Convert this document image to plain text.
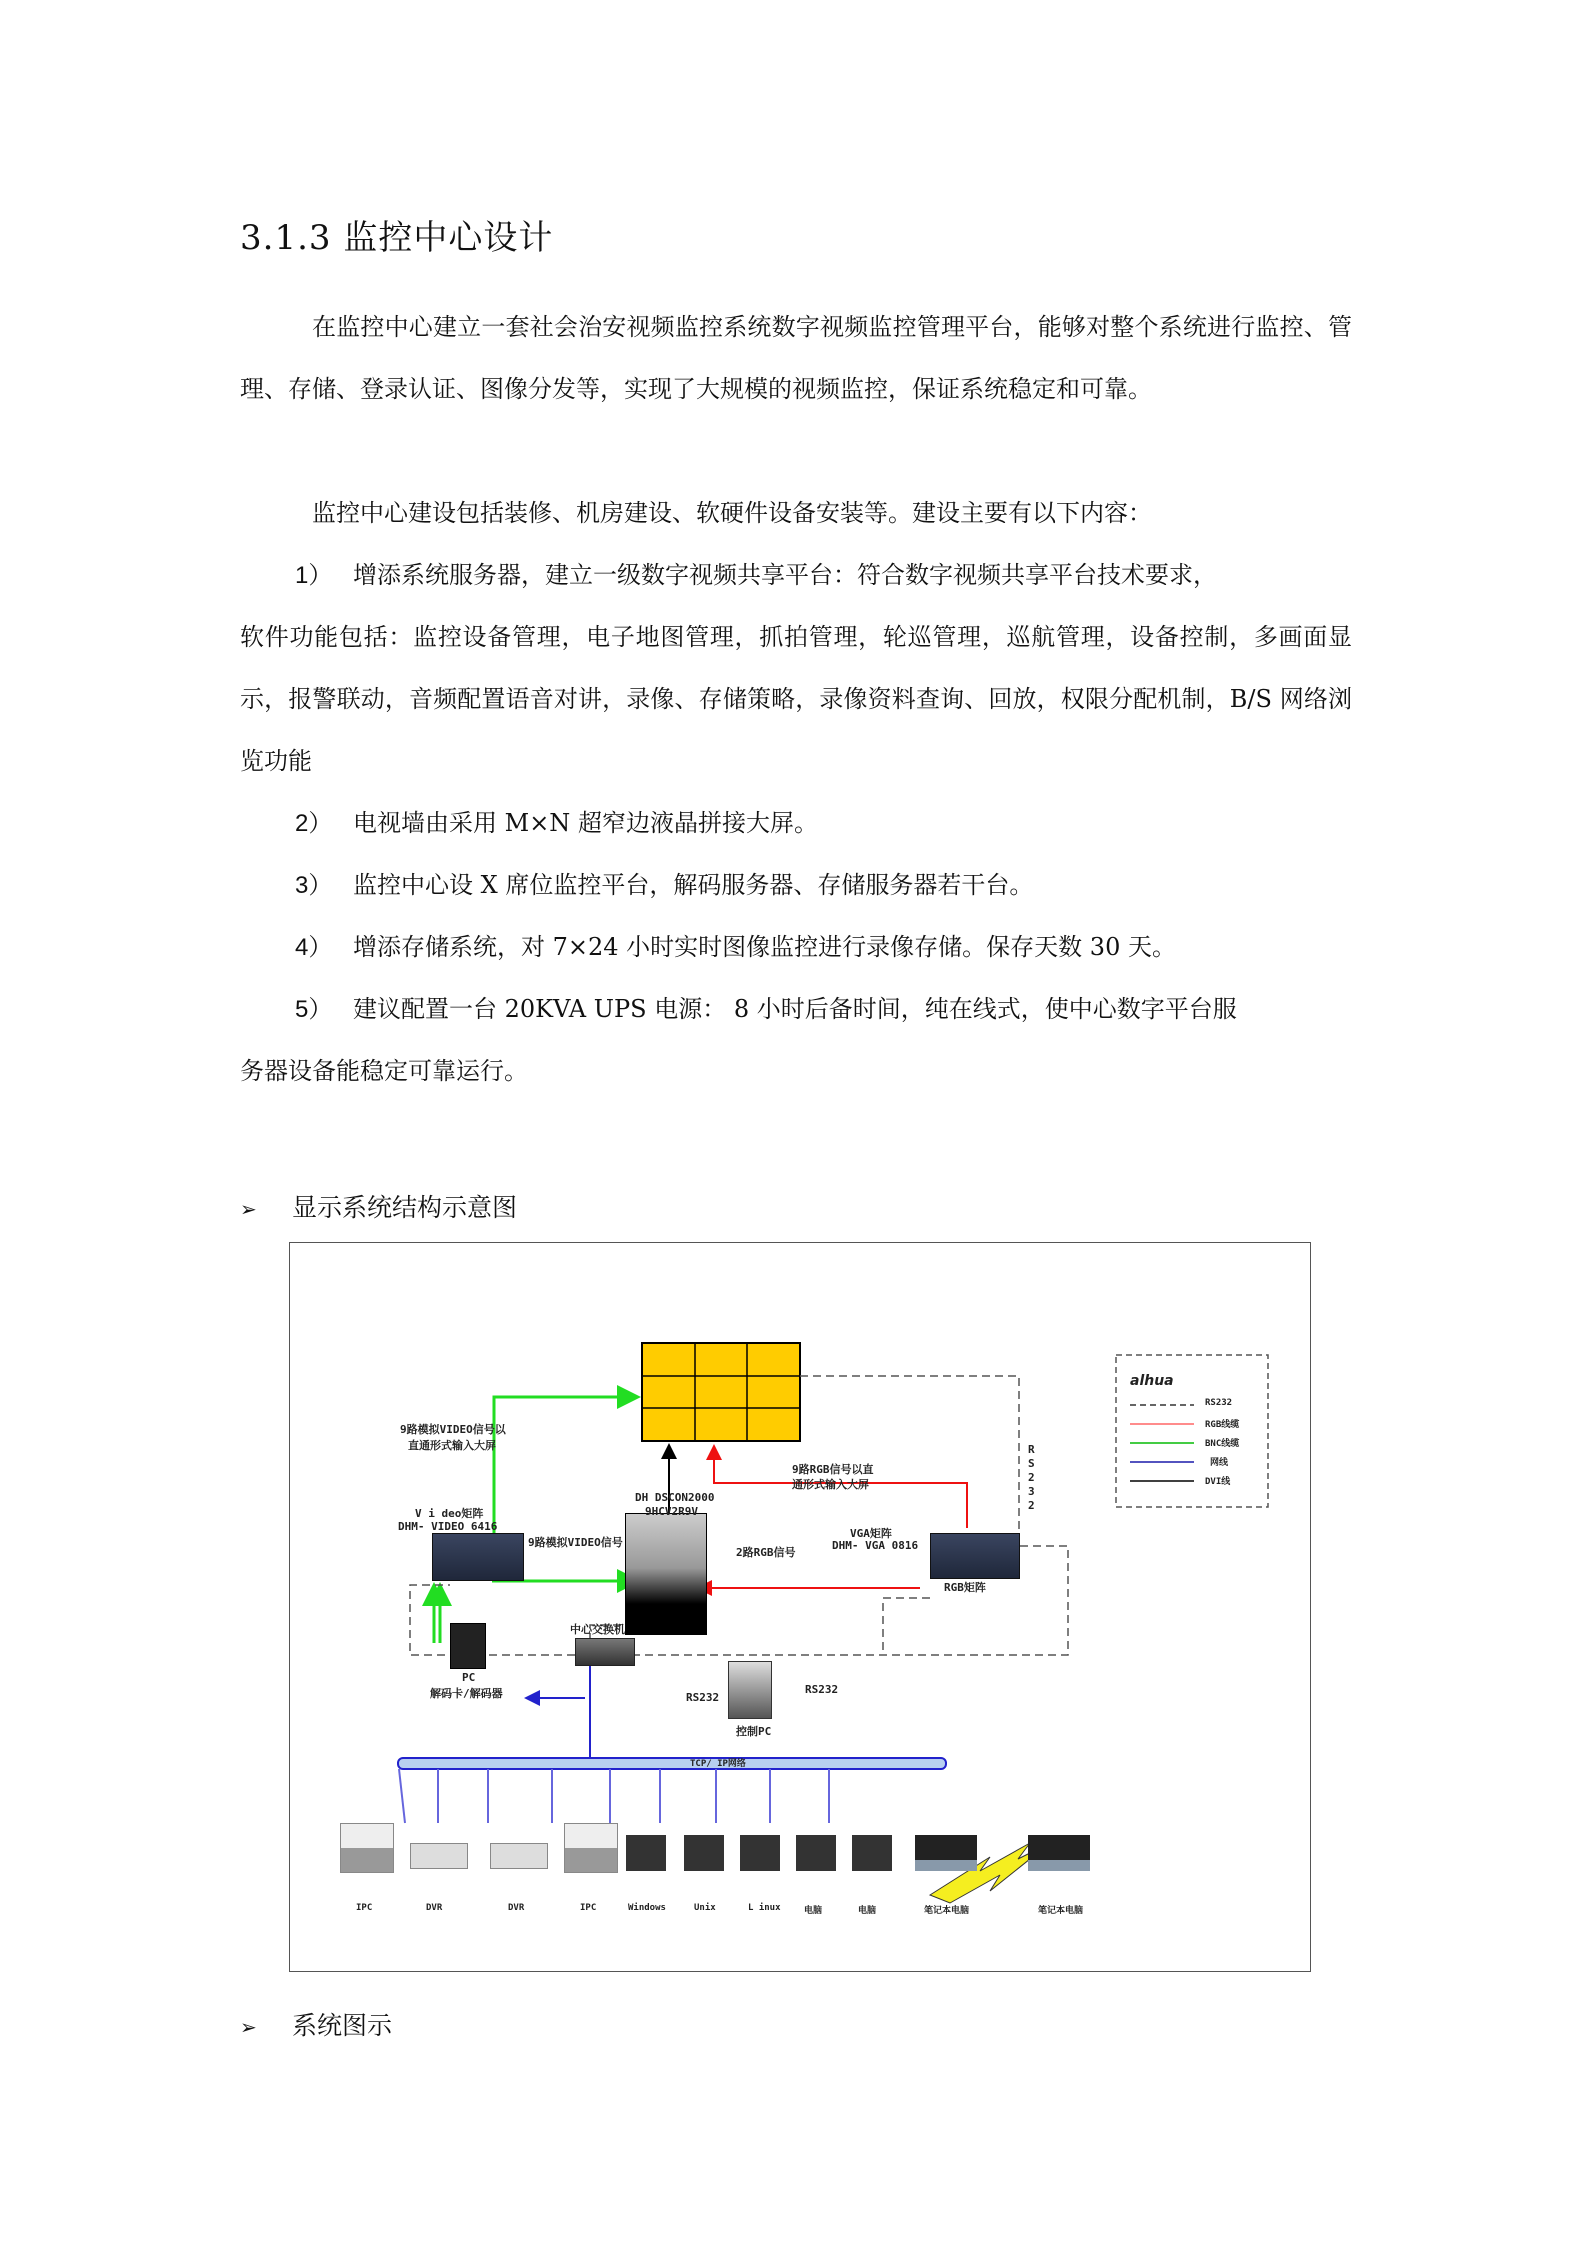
3.1.3 监控中心设计
在监控中心建立一套社会治安视频监控系统数字视频监控管理平台，能够对整个系统进行监控、管理、存储、登录认证、图像分发等，实现了大规模的视频监控，保证系统稳定和可靠。
监控中心建设包括装修、机房建设、软硬件设备安装等。建设主要有以下内容：
1） 增添系统服务器，建立一级数字视频共享平台：符合数字视频共享平台技术要求，
软件功能包括：监控设备管理，电子地图管理，抓拍管理，轮巡管理，巡航管理，设备控制，多画面显示，报警联动，音频配置语音对讲，录像、存储策略，录像资料查询、回放，权限分配机制，B/S 网络浏览功能
2） 电视墙由采用 M×N 超窄边液晶拼接大屏。
3） 监控中心设 X 席位监控平台，解码服务器、存储服务器若干台。
4） 增添存储系统，对 7×24 小时实时图像监控进行录像存储。保存天数 30 天。
5） 建议配置一台 20KVA UPS 电源： 8 小时后备时间，纯在线式，使中心数字平台服
务器设备能稳定可靠运行。
➢ 显示系统结构示意图
9路模拟VIDEO信号以
直通形式输入大屏
V i deo矩阵
DHM- VIDEO 6416
DH DSCON2000
9HCV2R9V
9路模拟VIDEO信号
9路RGB信号以直
通形式输入大屏
VGA矩阵
DHM- VGA 0816
2路RGB信号
RGB矩阵
R S 2 3 2
中心交换机
PC
解码卡/解码器	RS232
RS232
控制PC
TCP/ IP网络
alhua
RS232
RGB线缆
BNC线缆
网线
DVI线
IPC	DVR	DVR	IPC	Windows	Unix	L inux	电脑	电脑	笔记本电脑	笔记本电脑
➢ 系统图示
